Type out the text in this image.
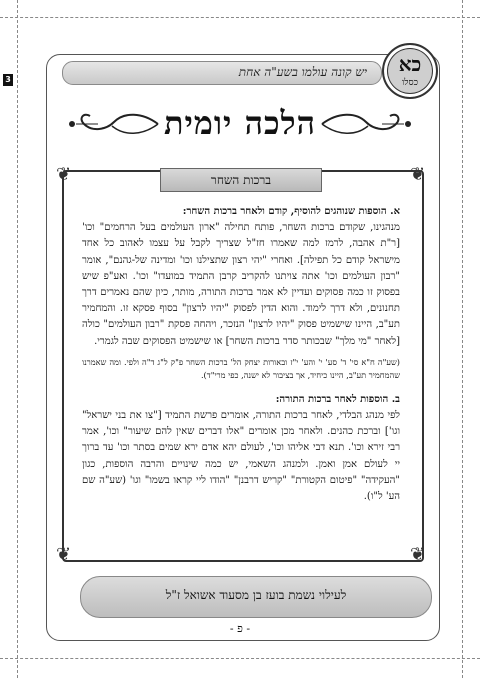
3
יש קונה עולמו בשע"ה אחת	כא
כסלו
הלכה יומית
❦	❦
❦	❦
ברכות השחר

א. הוספות שנוהגים להוסיף, קודם ולאחר ברכות השחר:
מנהגינו, שקודם ברכות השחר, פותח תחילה "ארון העולמים בעל הרחמים" וכו' [ר"ת אהבה, לרמז למה שאמרו חז"ל שצריך לקבל על עצמו לאהוב כל אחד מישראל קודם כל תפילה]. ואחרי "יהי רצון שתצילנו וכו' ומדינה של-גהנם", אומר "רבון העולמים וכו' אתה צויתנו להקריב קרבן התמיד במועדו" וכו'. ואע"פ שיש בפסוק זו כמה פסוקים ועדיין לא אמר ברכות התורה, מותר, כיון שהם נאמרים דרך תחנונים, ולא דרך לימוד. והוא הדין לפסוק "יהיו לרצון" בסוף פסקא זו. והמחמיר תע"ב, היינו שישמיט פסוק "יהיו לרצון" הנזכר, ויהחה פסקת "רבון העולמים" כולה [לאחר "מי מלך" שבכותר סדר ברכות השחר] או שישמיט הפסוקים שבה לגמרי.

(שע"ה ח"א סי' ד' סע' י' והע' י"ז ובאורות יצחק הל' ברכות השחר פ"ק ל"ג ד"ה ולפי. ומה שאמרנו שהמחמיר תע"ב, היינו כיחיד, אך בציבור לא ישנה, כפי מרי"ד).

ב. הוספות לאחר ברכות התורה:
לפי מנהג הבלדי, לאחר ברכות התורה, אומרים פרשת התמיד ["צו את בני ישראל" וגו'] וברכת כהנים. ולאחר מכן אומרים "אלו דברים שאין להם שיעור" וכו', אמר רבי זירא וכו'. תנא דבי אליהו וכו', לעולם יהא אדם ירא שמים בסתר וכו' עד ברוך יי לעולם אמן ואמן. ולמנהג השאמי, יש כמה שינויים והרבה הוספות, כגון "העקידה" "פיטום הקטורת" "קריש דרבנן" "הודו ליי קראו בשמו" וגו' (שע"ה שם הע' ל"ו).

לעילוי נשמת בועז בן מסעוד אשואל ז"ל
- פ -
